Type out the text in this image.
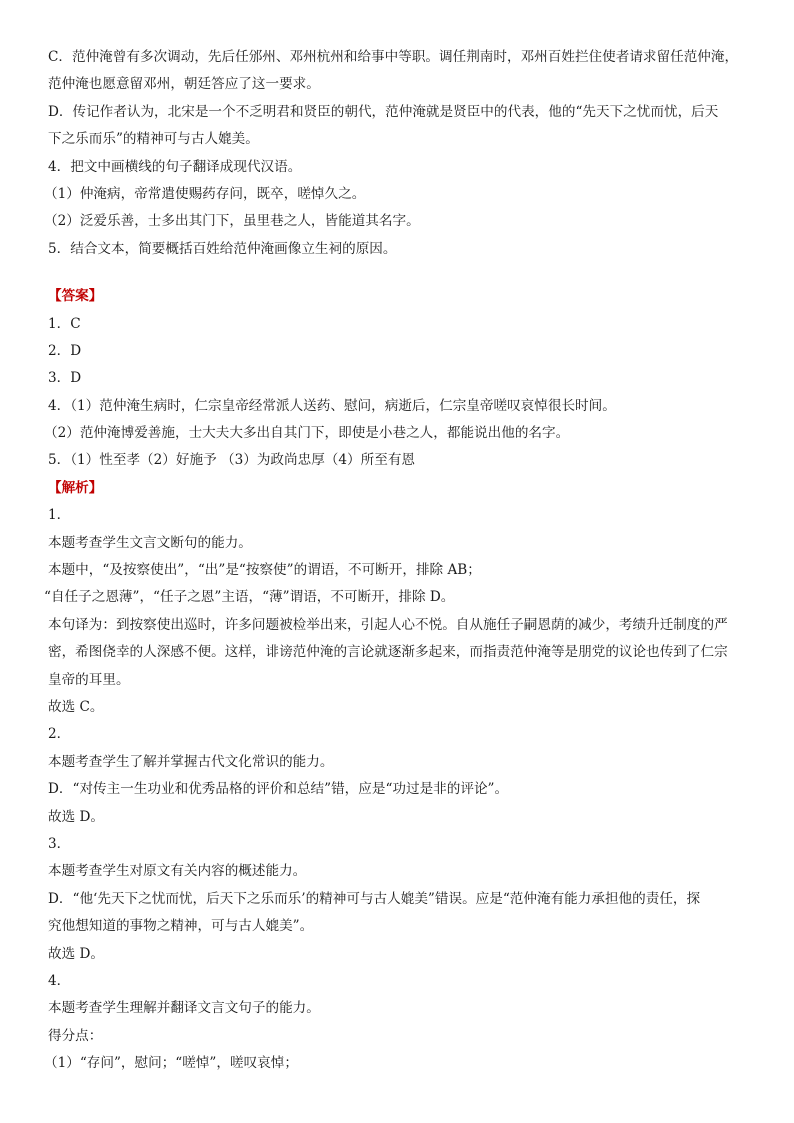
C．范仲淹曾有多次调动，先后任邠州、邓州杭州和给事中等职。调任荆南时，邓州百姓拦住使者请求留任范仲淹，
范仲淹也愿意留邓州，朝廷答应了这一要求。
D．传记作者认为，北宋是一个不乏明君和贤臣的朝代，范仲淹就是贤臣中的代表，他的“先天下之忧而忧，后天
下之乐而乐”的精神可与古人媲美。
4．把文中画横线的句子翻译成现代汉语。
（1）仲淹病，帝常遣使赐药存问，既卒，嗟悼久之。
（2）泛爱乐善，士多出其门下，虽里巷之人，皆能道其名字。
5．结合文本，简要概括百姓给范仲淹画像立生祠的原因。
【答案】
1．C
2．D
3．D
4．（1）范仲淹生病时，仁宗皇帝经常派人送药、慰问，病逝后，仁宗皇帝嗟叹哀悼很长时间。
（2）范仲淹博爱善施，士大夫大多出自其门下，即使是小巷之人，都能说出他的名字。
5．（1）性至孝（2）好施予 （3）为政尚忠厚（4）所至有恩
【解析】
1．
本题考查学生文言文断句的能力。
本题中，“及按察使出”，“出”是“按察使”的谓语，不可断开，排除 AB；
“自任子之恩薄”，“任子之恩”主语，“薄”谓语，不可断开，排除 D。
本句译为：到按察使出巡时，许多问题被检举出来，引起人心不悦。自从施任子嗣恩荫的减少，考绩升迁制度的严
密，希图侥幸的人深感不便。这样，诽谤范仲淹的言论就逐渐多起来，而指责范仲淹等是朋党的议论也传到了仁宗
皇帝的耳里。
故选 C。
2．
本题考查学生了解并掌握古代文化常识的能力。
D．“对传主一生功业和优秀品格的评价和总结”错，应是“功过是非的评论”。
故选 D。
3．
本题考查学生对原文有关内容的概述能力。
D．“他‘先天下之忧而忧，后天下之乐而乐’的精神可与古人媲美”错误。应是“范仲淹有能力承担他的责任，探
究他想知道的事物之精神，可与古人媲美”。
故选 D。
4．
本题考查学生理解并翻译文言文句子的能力。
得分点：
（1）“存问”，慰问；“嗟悼”，嗟叹哀悼；
